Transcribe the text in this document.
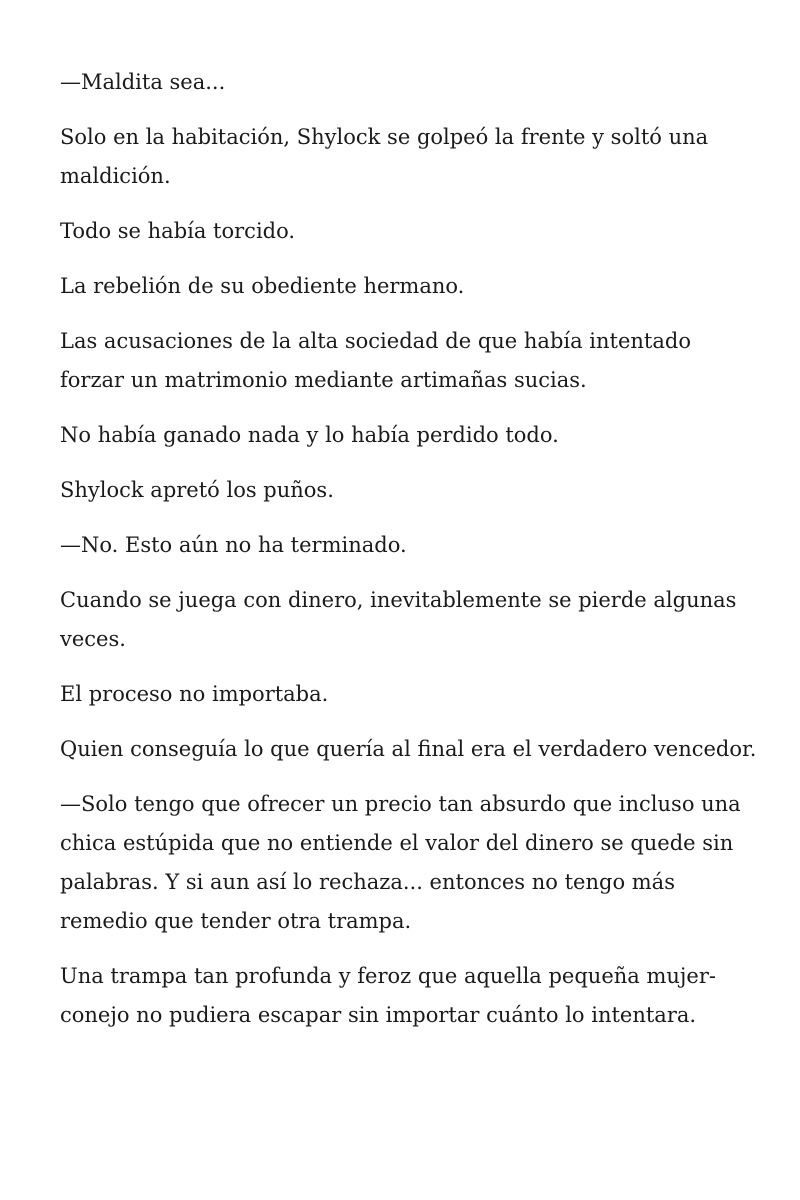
—Maldita sea...

Solo en la habitación, Shylock se golpeó la frente y soltó una maldición.

Todo se había torcido.

La rebelión de su obediente hermano.

Las acusaciones de la alta sociedad de que había intentado forzar un matrimonio mediante artimañas sucias.

No había ganado nada y lo había perdido todo.

Shylock apretó los puños.

—No. Esto aún no ha terminado.

Cuando se juega con dinero, inevitablemente se pierde algunas veces.

El proceso no importaba.

Quien conseguía lo que quería al final era el verdadero vencedor.

—Solo tengo que ofrecer un precio tan absurdo que incluso una chica estúpida que no entiende el valor del dinero se quede sin palabras. Y si aun así lo rechaza... entonces no tengo más remedio que tender otra trampa.

Una trampa tan profunda y feroz que aquella pequeña mujer-conejo no pudiera escapar sin importar cuánto lo intentara.
